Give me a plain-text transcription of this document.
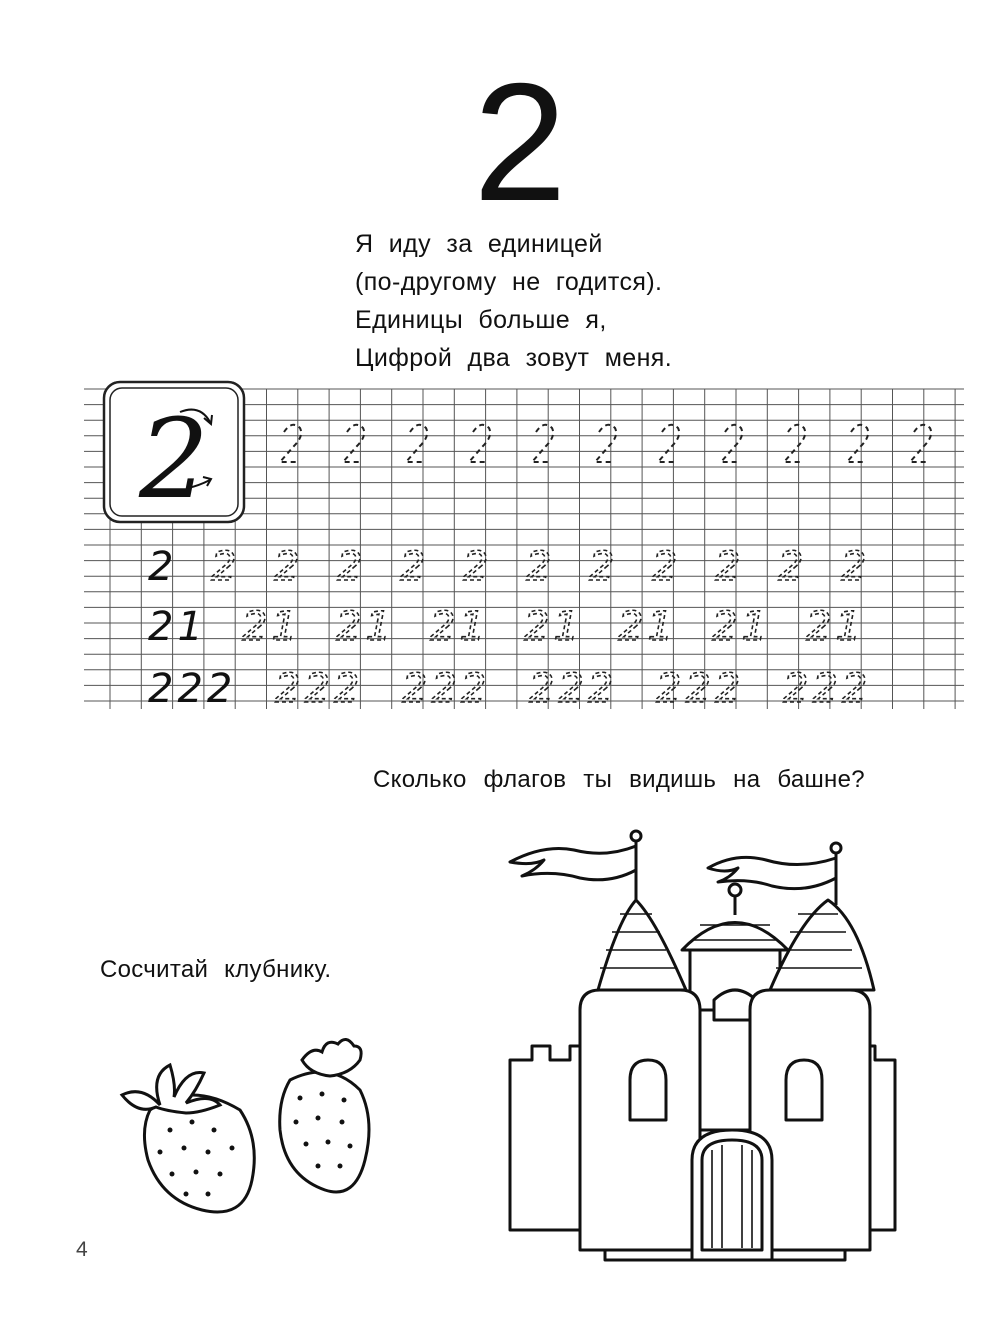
2
Я иду за единицей
(по-другому не годится).
Единицы больше я,
Цифрой два зовут меня.
2
2 2 2 2 2 2 2 2 2 2 2 2
21 21 21 21 21 21 21 21
222 222 222 222 222 222
Сколько флагов ты видишь на башне?
Сосчитай клубнику.
4
